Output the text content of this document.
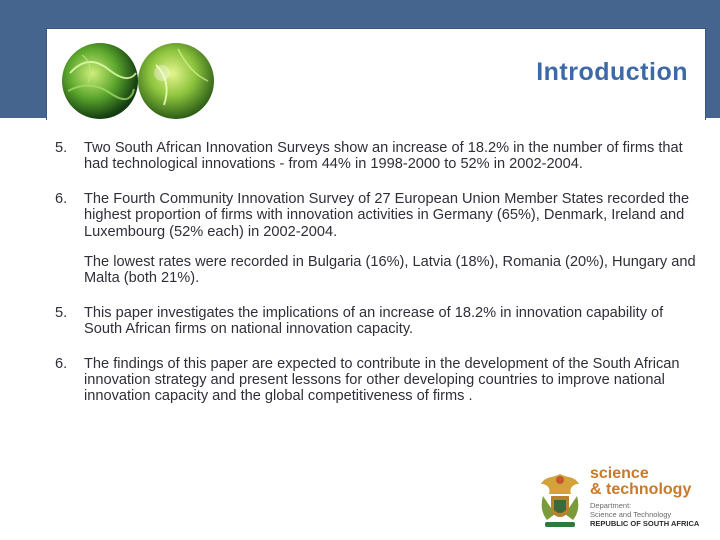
Introduction
5.	Two South African Innovation Surveys show an increase of 18.2% in the number of firms that had technological innovations - from 44% in 1998-2000 to 52% in 2002-2004.
6.	The Fourth Community Innovation Survey of 27 European Union Member States recorded the highest proportion of firms with innovation activities in Germany (65%), Denmark, Ireland and Luxembourg (52% each) in 2002-2004.
The lowest rates were recorded in Bulgaria (16%), Latvia (18%), Romania (20%), Hungary and Malta (both 21%).
5.	This paper investigates the implications of an increase of 18.2% in innovation capability of South African firms on national innovation capacity.
6.	The findings of this paper are expected to contribute in the development of the South African innovation strategy and present lessons for other developing countries to improve national innovation capacity and the global competitiveness of firms .
science
& technology
Department:
Science and Technology
REPUBLIC OF SOUTH AFRICA
